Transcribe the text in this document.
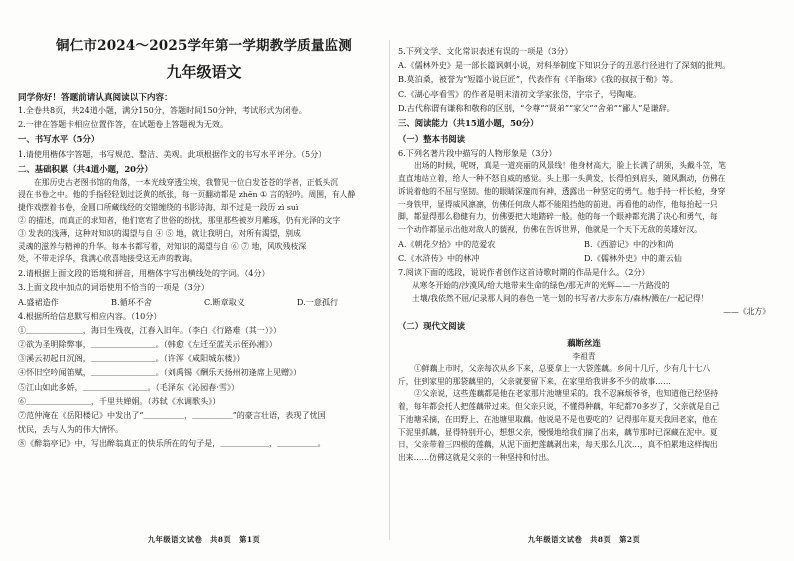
铜仁市2024～2025学年第一学期教学质量监测
九年级语文
同学你好！答题前请认真阅读以下内容：
1.全卷共8页，共24道小题，满分150分，答题时间150分钟，考试形式为闭卷。
2.一律在答题卡相应位置作答，在试题卷上答题视为无效。
一、书写水平（5分）
1.请使用楷体字答题，书写规范、整洁、美观。此项根据作文的书写水平评分。（5分）
二、基础积累（共4道小题，20分）
在那历史古老图书馆的角落，一本光线穿透尘埃，我瞥见一位白发苍苍的学者，正低头沉
浸在书卷之中。他的手指轻轻划过泛黄的纸张，每一页翻动都是 zhēn ① 言的轻吟。周围，有人静
捷作戏摆着书卷，金圆口所藏线经的交错缠绕的书影诗海，却不过是一段历 zì suì
② 的描述，而真正的求知者，他们宽宥了世俗的纷扰，那里那些被岁月雕琢，仍有光泽的文字
③ 发表的浅薄，这种对知识的渴望与自 ④ ⑤ 地，就让我明白，对所有渴望，别成
灵魂的滋养与精神的升华。每本书都写着，对知识的渴望与自 ⑥ ⑦ 地，风吹残枝深
处，不带走浮华，我满心欣喜地接受这无声的教诲。
2.请根据上面文段的语境和拼音，用楷体字写出横线处的字词。（4分）
3.上面文段中加点的词语使用不恰当的一项是（3分）
A.盛裙造作	B.循环不舍	C.断章取义	D.一意孤行
4.根据所给信息默写相应内容。（10分）
①＿＿＿＿＿＿＿，海日生残夜，江春入旧年。（李白《行路难（其一）》）
②欲为圣明除弊事，＿＿＿＿＿＿＿＿。（韩愈《左迁至蓝关示侄孙湘》）
③溪云初起日沉阁，＿＿＿＿＿＿＿＿。（许浑《咸阳城东楼》）
④怀旧空吟闻笛赋，＿＿＿＿＿＿＿＿。（刘禹锡《酬乐天扬州初逢席上见赠》）
⑤江山如此多娇，＿＿＿＿＿＿＿＿。（毛泽东《沁园春·雪》）
⑥＿＿＿＿＿＿＿＿，千里共婵娟。（苏轼《水调歌头》）
⑦范仲淹在《岳阳楼记》中发出了“＿＿＿＿＿，＿＿＿＿＿”的豪言壮语，表现了忧国
忧民，丢与人为的伟大情怀。
⑧《醉翁亭记》中，写出醉翁真正的快乐所在的句子是，＿＿＿＿＿＿，＿＿＿＿＿。
九年级语文试卷　共8页　第1页
5.下列文学、文化常识表述有误的一项是（3分）
A.《儒林外史》是一部长篇讽刺小说，对科举制度下知识分子的丑恶行径进行了深刻的批判。
B.莫泊桑，被誉为“短篇小说巨匠”，代表作有《羊脂球》《我的叔叔于勒》等。
C.《湖心亭看雪》的作者是明末清初文学家张岱，字宗子，号陶庵。
D.古代称谓有谦称和敬称的区别，“令尊”“贤弟”“家父”“舍弟”“鄙人”是谦辞。
三、阅读能力（共15道小题，50分）
（一）整本书阅读
6.下列名著片段中描写的人物形象是（3分）
出场的时候，呢呀，真是一道亮丽的风景线！他身材高大，脸上长满了胡须，头戴斗笠，笔
直直地站立着，给人一种不怒自威的感觉。头上那一头黄发，长得怕到肩头，随风飘动，仿佛在
诉说着他的不屈与坚韧。他的眼睛深邃而有神，透露出一种坚定的勇气。他手持一杆长枪，身穿
一身铁甲，显得威风凛凛，仿佛任何敌人都不能阻挡他的前进。再看他的动作，他每抬起一只
脚，都显得那么稳健有力，仿佛要把大地踏碎一般。他的每一个眼神都充满了决心和勇气，每
一个动作都显示出他对敌人的藐视，仿佛在告诉世界，他就是一个天下无敌的英雄好汉。
A.《朝花夕拾》中的范爱农	B.《西游记》中的沙和尚
C.《水浒传》中的林冲	D.《儒林外史》中的萧云仙
7.阅读下面的选段，说说作者创作这首诗歌时期的作品是什么。（2分）
从寒冬开始的/沙漠风/给大地带来生命的绿色/那无声的光辉——一片路没的
土壤/我依然不屈/记录那人间的春色一笔一划的书写者/大步东方/森林/溅在/一起记得！
——《北方》
（二）现代文阅读
藕断丝连
李祖青
①鲜藕上市时，父亲每次从乡下来，总要拿上一大袋莲藕。乡间十几斤，少有几十七八
斤，住到家里的那袋藕里的，父亲就要留下来，在家里给我讲多不少的故事……
②父亲说，这些莲藕都是他在老家那片池塘里采的。我不忍麻烦爷爷，也知道他已经坚持
着，每年都会托人把莲藕带过来。但父亲只说，不懂得种藕，年纪都70多岁了，父亲就是自己
下池塘采摘，在田野上、在池塘里取藕。他说是不是也要吃的？记得那年夏天我回老家，他在
下泥里抓藕，显得特别开心，想想父亲，慢慢地给我们摘了出来，藕节那时已深藏在泥中。夏
日，父亲带着三四根的莲藕，从泥下面把莲藕剥出来，每天那么几次…，真不怕累地这样掏出
出来……仿佛这就是父亲的一种坚持和付出。
九年级语文试卷　共8页　第2页
